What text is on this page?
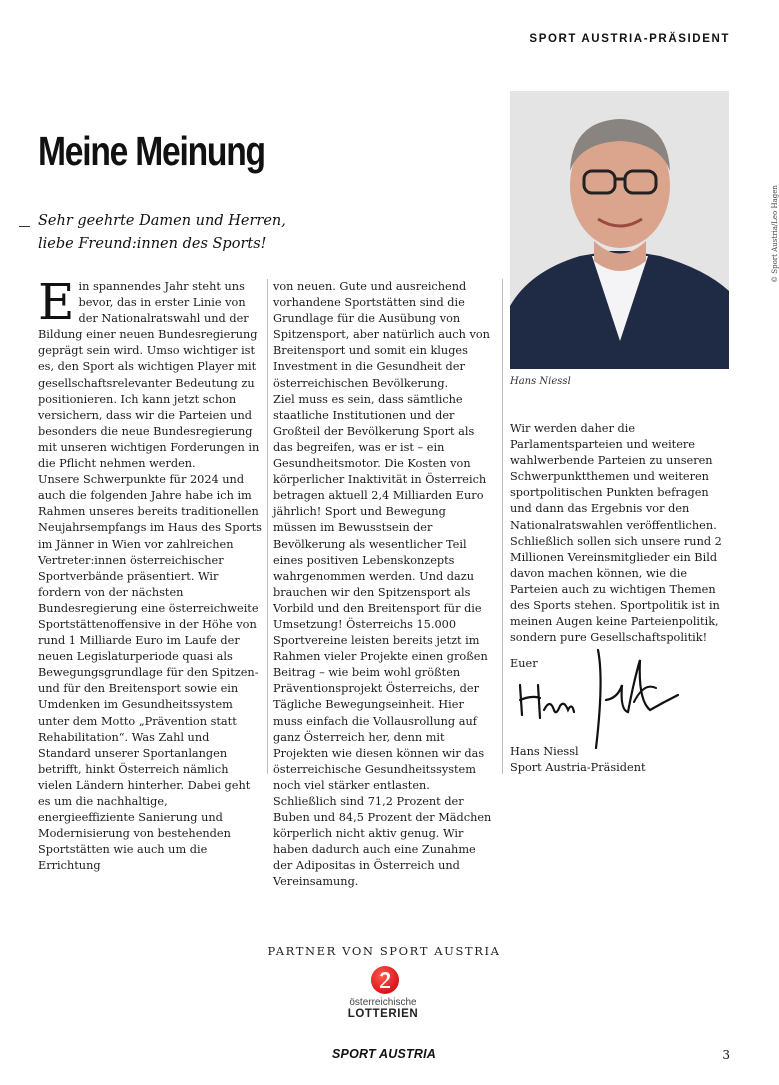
SPORT AUSTRIA-PRÄSIDENT
Meine Meinung
Sehr geehrte Damen und Herren,
liebe Freund:innen des Sports!

Ein spannendes Jahr steht uns bevor, das in erster Linie von der Nationalratswahl und der Bildung einer neuen Bundesregierung geprägt sein wird. Umso wichtiger ist es, den Sport als wichtigen Player mit gesellschaftsrelevanter Bedeutung zu positionieren. Ich kann jetzt schon versichern, dass wir die Parteien und besonders die neue Bundesregierung mit unseren wichtigen Forderungen in die Pflicht nehmen werden.

Unsere Schwerpunkte für 2024 und auch die folgenden Jahre habe ich im Rahmen unseres bereits traditionellen Neujahrsempfangs im Haus des Sports im Jänner in Wien vor zahlreichen Vertreter:innen österreichischer Sportverbände präsentiert. Wir fordern von der nächsten Bundesregierung eine österreichweite Sportstättenoffensive in der Höhe von rund 1 Milliarde Euro im Laufe der neuen Legislaturperiode quasi als Bewegungsgrundlage für den Spitzen- und für den Breitensport sowie ein Umdenken im Gesundheitssystem unter dem Motto „Prävention statt Rehabilitation“. Was Zahl und Standard unserer Sportanlangen betrifft, hinkt Österreich nämlich vielen Ländern hinterher. Dabei geht es um die nachhaltige, energieeffiziente Sanierung und Modernisierung von bestehenden Sportstätten wie auch um die Errichtung

von neuen. Gute und ausreichend vorhandene Sportstätten sind die Grundlage für die Ausübung von Spitzensport, aber natürlich auch von Breitensport und somit ein kluges Investment in die Gesundheit der österreichischen Bevölkerung.

Ziel muss es sein, dass sämtliche staatliche Institutionen und der Großteil der Bevölkerung Sport als das begreifen, was er ist – ein Gesundheitsmotor. Die Kosten von körperlicher Inaktivität in Österreich betragen aktuell 2,4 Milliarden Euro jährlich! Sport und Bewegung müssen im Bewusstsein der Bevölkerung als wesentlicher Teil eines positiven Lebenskonzepts wahrgenommen werden. Und dazu brauchen wir den Spitzensport als Vorbild und den Breitensport für die Umsetzung! Österreichs 15.000 Sportvereine leisten bereits jetzt im Rahmen vieler Projekte einen großen Beitrag – wie beim wohl größten Präventionsprojekt Österreichs, der Tägliche Bewegungseinheit. Hier muss einfach die Vollausrollung auf ganz Österreich her, denn mit Projekten wie diesen können wir das österreichische Gesundheitssystem noch viel stärker entlasten. Schließlich sind 71,2 Prozent der Buben und 84,5 Prozent der Mädchen körperlich nicht aktiv genug. Wir haben dadurch auch eine Zunahme der Adipositas in Österreich und Vereinsamung.

© Sport Austria/Leo Hagen
Hans Niessl

Wir werden daher die Parlamentsparteien und weitere wahlwerbende Parteien zu unseren Schwerpunktthemen und weiteren sportpolitischen Punkten befragen und dann das Ergebnis vor den Nationalratswahlen veröffentlichen. Schließlich sollen sich unsere rund 2 Millionen Vereinsmitglieder ein Bild davon machen können, wie die Parteien auch zu wichtigen Themen des Sports stehen. Sportpolitik ist in meinen Augen keine Parteienpolitik, sondern pure Gesellschaftspolitik!

Euer

Hans Niessl
Sport Austria-Präsident
PARTNER VON SPORT AUSTRIA
österreichische
LOTTERIEN
SPORT AUSTRIA	3
